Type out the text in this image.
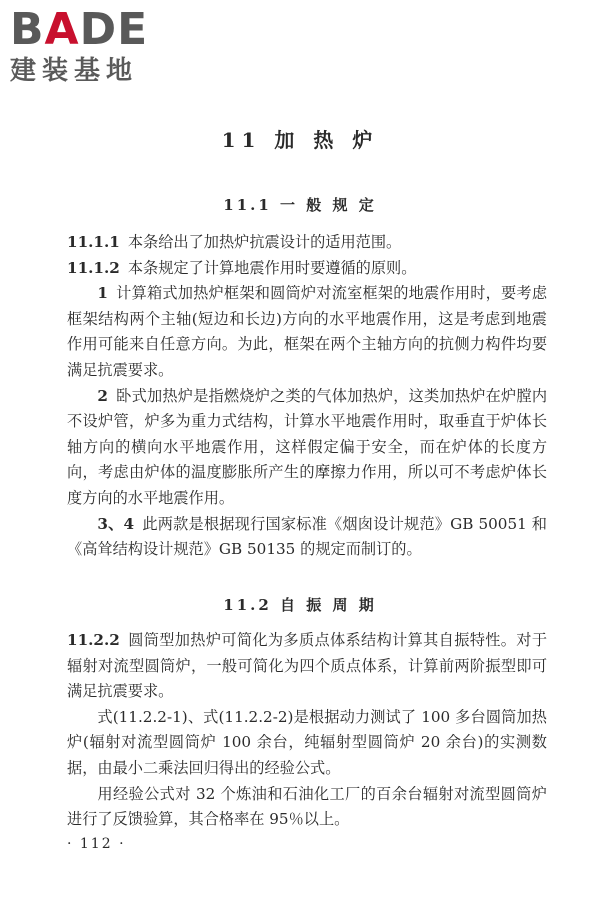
BADE
建装基地
11 加 热 炉
11.1 一 般 规 定

11.1.1 本条给出了加热炉抗震设计的适用范围。

11.1.2 本条规定了计算地震作用时要遵循的原则。

1 计算箱式加热炉框架和圆筒炉对流室框架的地震作用时，要考虑框架结构两个主轴(短边和长边)方向的水平地震作用，这是考虑到地震作用可能来自任意方向。为此，框架在两个主轴方向的抗侧力构件均要满足抗震要求。

2 卧式加热炉是指燃烧炉之类的气体加热炉，这类加热炉在炉膛内不设炉管，炉多为重力式结构，计算水平地震作用时，取垂直于炉体长轴方向的横向水平地震作用，这样假定偏于安全，而在炉体的长度方向，考虑由炉体的温度膨胀所产生的摩擦力作用，所以可不考虑炉体长度方向的水平地震作用。

3、4 此两款是根据现行国家标准《烟囱设计规范》GB 50051 和《高耸结构设计规范》GB 50135 的规定而制订的。

11.2 自 振 周 期

11.2.2 圆筒型加热炉可简化为多质点体系结构计算其自振特性。对于辐射对流型圆筒炉，一般可简化为四个质点体系，计算前两阶振型即可满足抗震要求。

式(11.2.2-1)、式(11.2.2-2)是根据动力测试了 100 多台圆筒加热炉(辐射对流型圆筒炉 100 余台，纯辐射型圆筒炉 20 余台)的实测数据，由最小二乘法回归得出的经验公式。

用经验公式对 32 个炼油和石油化工厂的百余台辐射对流型圆筒炉进行了反馈验算，其合格率在 95％以上。

· 112 ·
